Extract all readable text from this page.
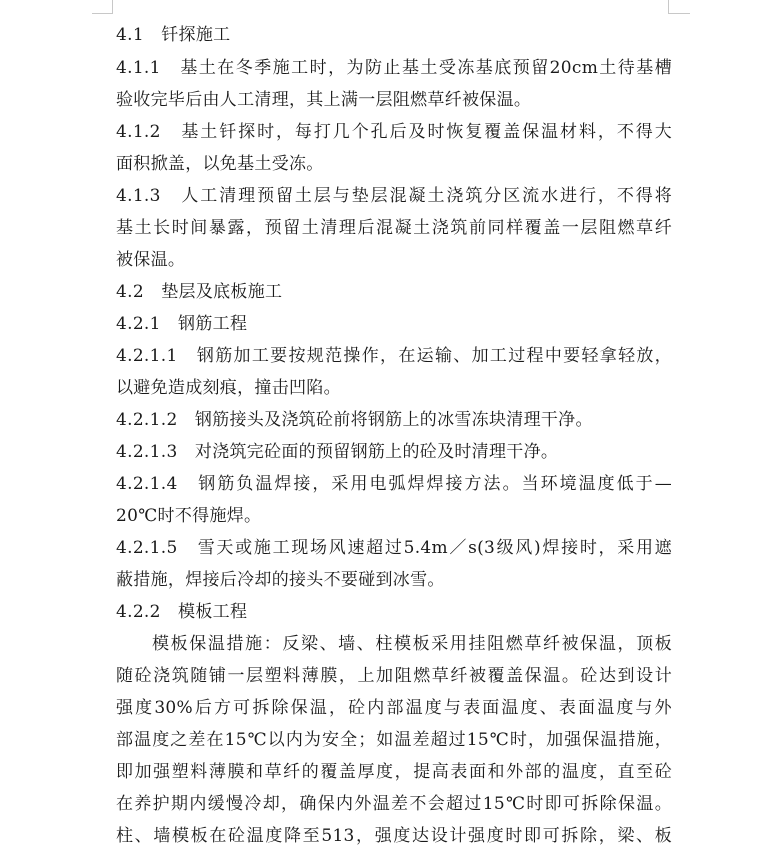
4.1　钎探施工
4.1.1　基土在冬季施工时，为防止基土受冻基底预留20cm土待基槽
验收完毕后由人工清理，其上满一层阻燃草纤被保温。
4.1.2　基土钎探时，每打几个孔后及时恢复覆盖保温材料，不得大
面积掀盖，以免基土受冻。
4.1.3　人工清理预留土层与垫层混凝土浇筑分区流水进行，不得将
基土长时间暴露，预留土清理后混凝土浇筑前同样覆盖一层阻燃草纤
被保温。
4.2　垫层及底板施工
4.2.1　钢筋工程
4.2.1.1　钢筋加工要按规范操作，在运输、加工过程中要轻拿轻放，
以避免造成刻痕，撞击凹陷。
4.2.1.2　钢筋接头及浇筑砼前将钢筋上的冰雪冻块清理干净。
4.2.1.3　对浇筑完砼面的预留钢筋上的砼及时清理干净。
4.2.1.4　钢筋负温焊接，采用电弧焊焊接方法。当环境温度低于—
20℃时不得施焊。
4.2.1.5　雪天或施工现场风速超过5.4m／s(3级风)焊接时，采用遮
蔽措施，焊接后冷却的接头不要碰到冰雪。
4.2.2　模板工程
模板保温措施：反梁、墙、柱模板采用挂阻燃草纤被保温，顶板
随砼浇筑随铺一层塑料薄膜，上加阻燃草纤被覆盖保温。砼达到设计
强度30%后方可拆除保温，砼内部温度与表面温度、表面温度与外
部温度之差在15℃以内为安全；如温差超过15℃时，加强保温措施，
即加强塑料薄膜和草纤的覆盖厚度，提高表面和外部的温度，直至砼
在养护期内缓慢冷却，确保内外温差不会超过15℃时即可拆除保温。
柱、墙模板在砼温度降至513，强度达设计强度时即可拆除，梁、板
